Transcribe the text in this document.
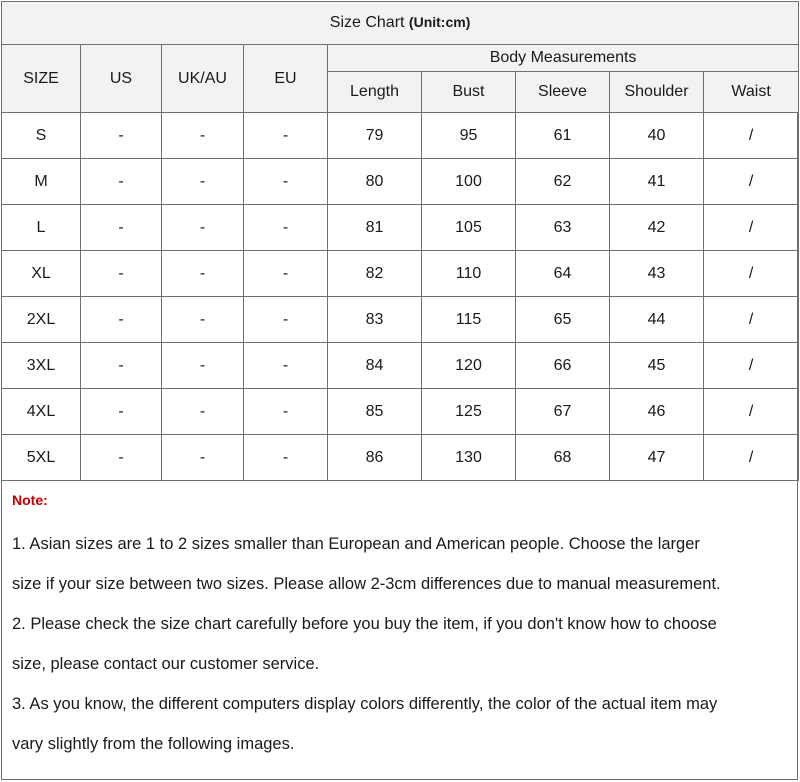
Size Chart (Unit:cm)								
SIZE	US	UK/AU	EU	Body Measurements				
				Length	Bust	Sleeve	Shoulder	Waist
S	-	-	-	79	95	61	40	/
M	-	-	-	80	100	62	41	/
L	-	-	-	81	105	63	42	/
XL	-	-	-	82	110	64	43	/
2XL	-	-	-	83	115	65	44	/
3XL	-	-	-	84	120	66	45	/
4XL	-	-	-	85	125	67	46	/
5XL	-	-	-	86	130	68	47	/

Note:

1. Asian sizes are 1 to 2 sizes smaller than European and American people. Choose the larger

size if your size between two sizes. Please allow 2-3cm differences due to manual measurement.

2. Please check the size chart carefully before you buy the item, if you don't know how to choose

size, please contact our customer service.

3. As you know, the different computers display colors differently, the color of the actual item may

vary slightly from the following images.
